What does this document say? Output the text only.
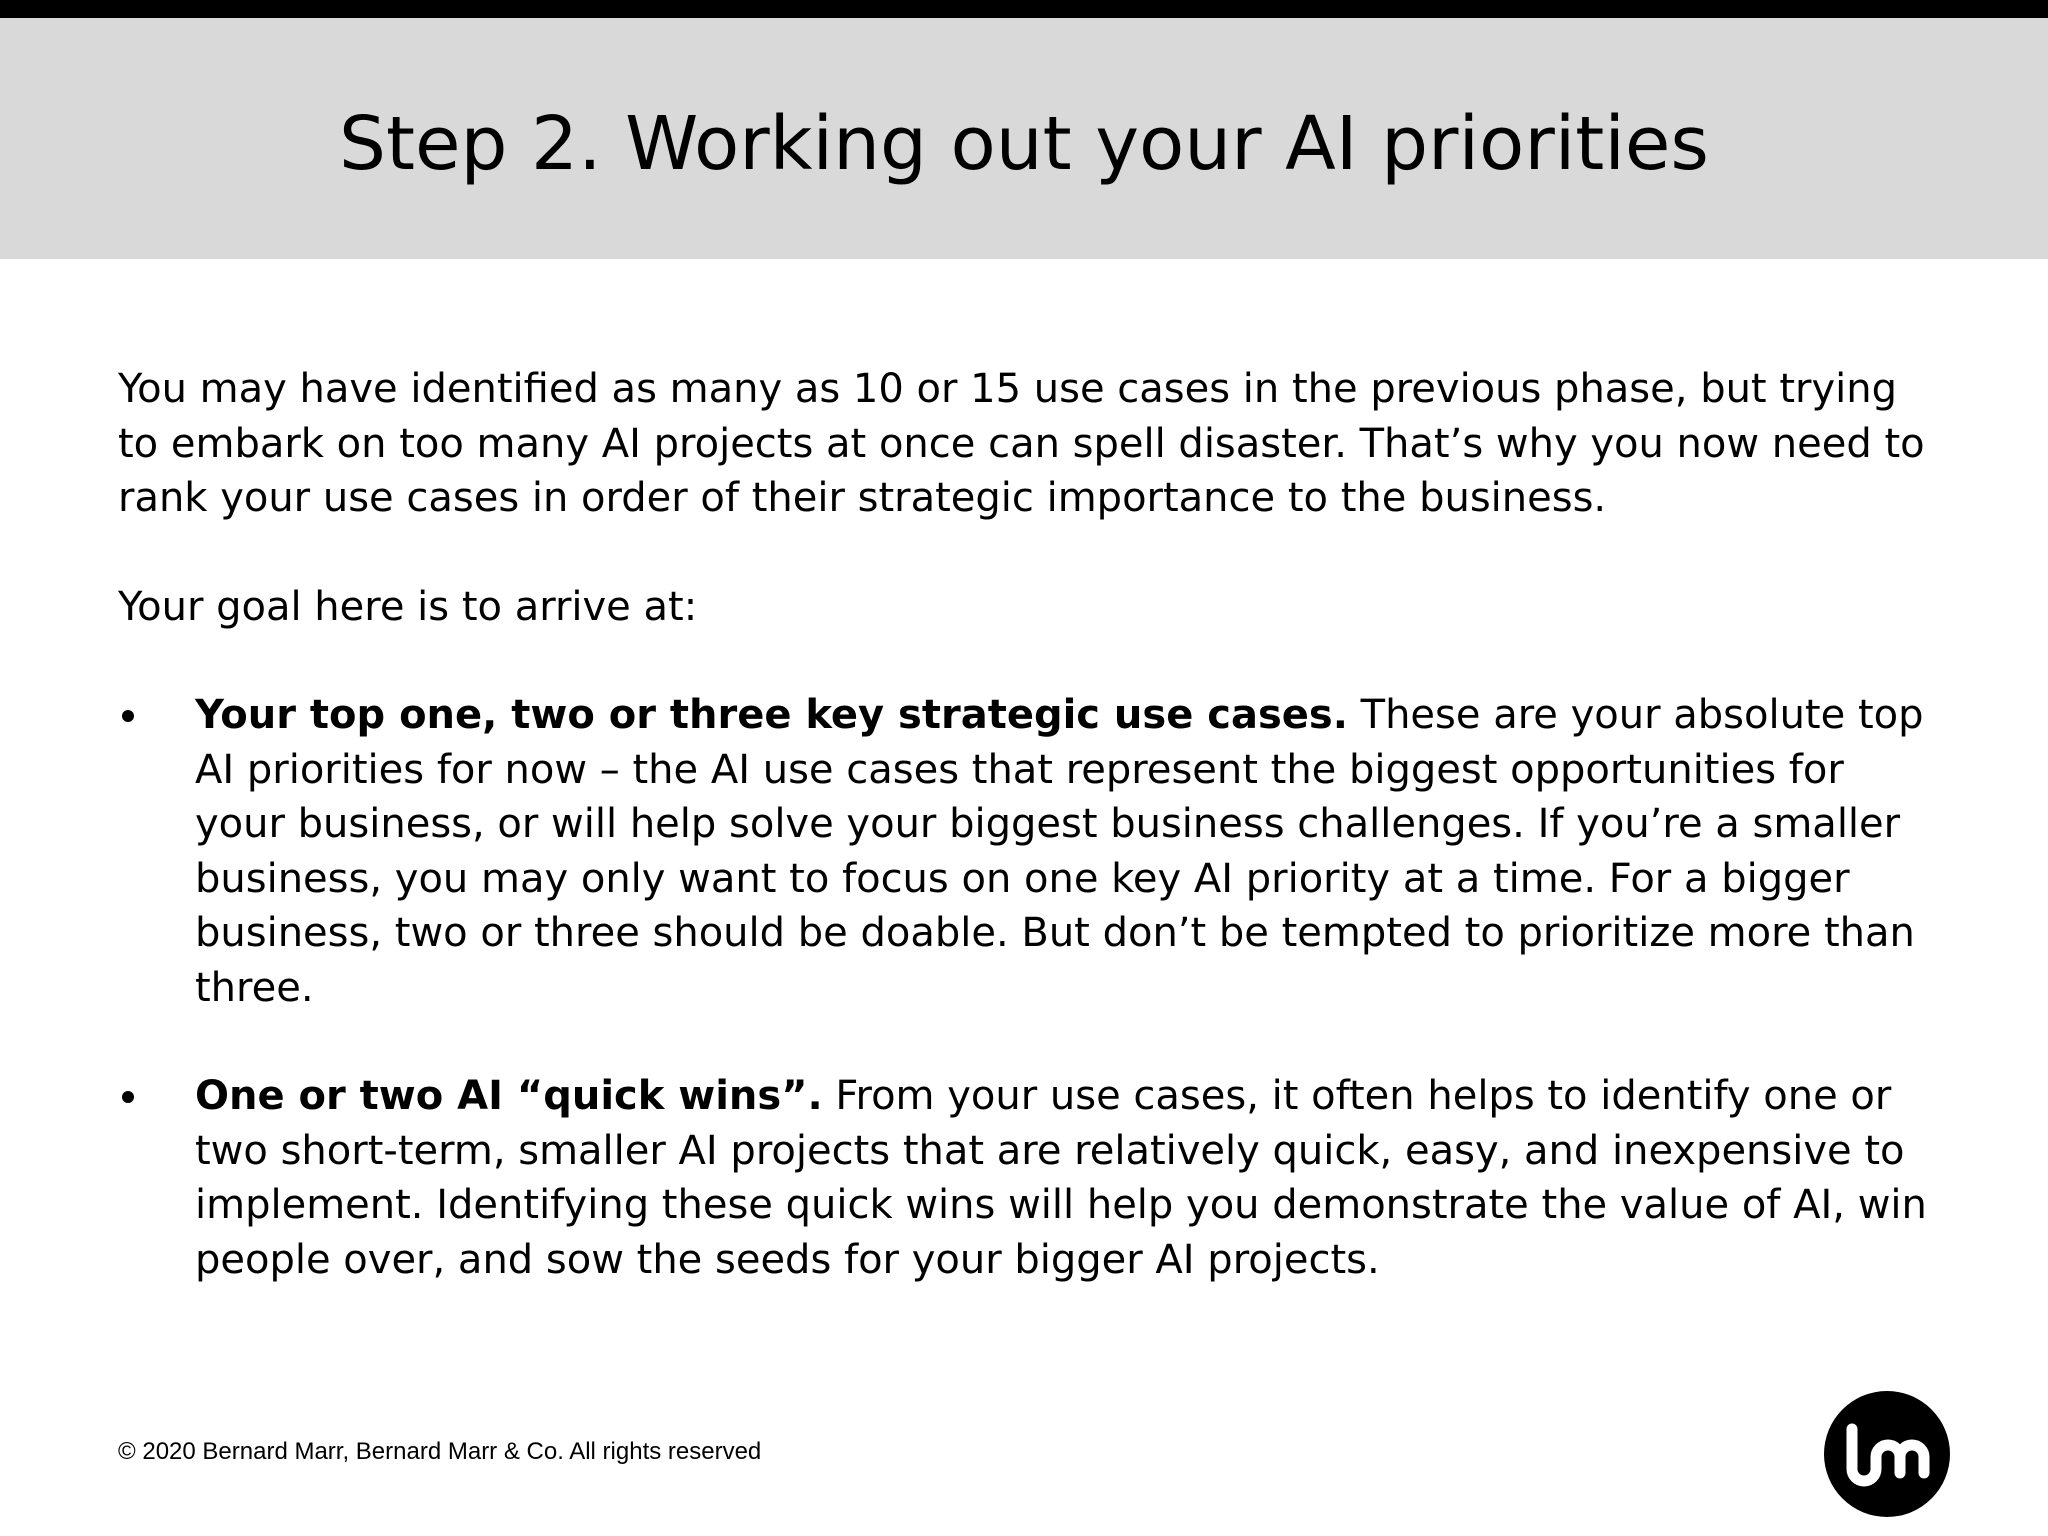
Step 2. Working out your AI priorities

You may have identified as many as 10 or 15 use cases in the previous phase, but trying to embark on too many AI projects at once can spell disaster. That’s why you now need to rank your use cases in order of their strategic importance to the business.

Your goal here is to arrive at:

Your top one, two or three key strategic use cases. These are your absolute top AI priorities for now – the AI use cases that represent the biggest opportunities for your business, or will help solve your biggest business challenges. If you’re a smaller business, you may only want to focus on one key AI priority at a time. For a bigger business, two or three should be doable. But don’t be tempted to prioritize more than three.
One or two AI “quick wins”. From your use cases, it often helps to identify one or two short-term, smaller AI projects that are relatively quick, easy, and inexpensive to implement. Identifying these quick wins will help you demonstrate the value of AI, win people over, and sow the seeds for your bigger AI projects.
© 2020 Bernard Marr, Bernard Marr & Co. All rights reserved
